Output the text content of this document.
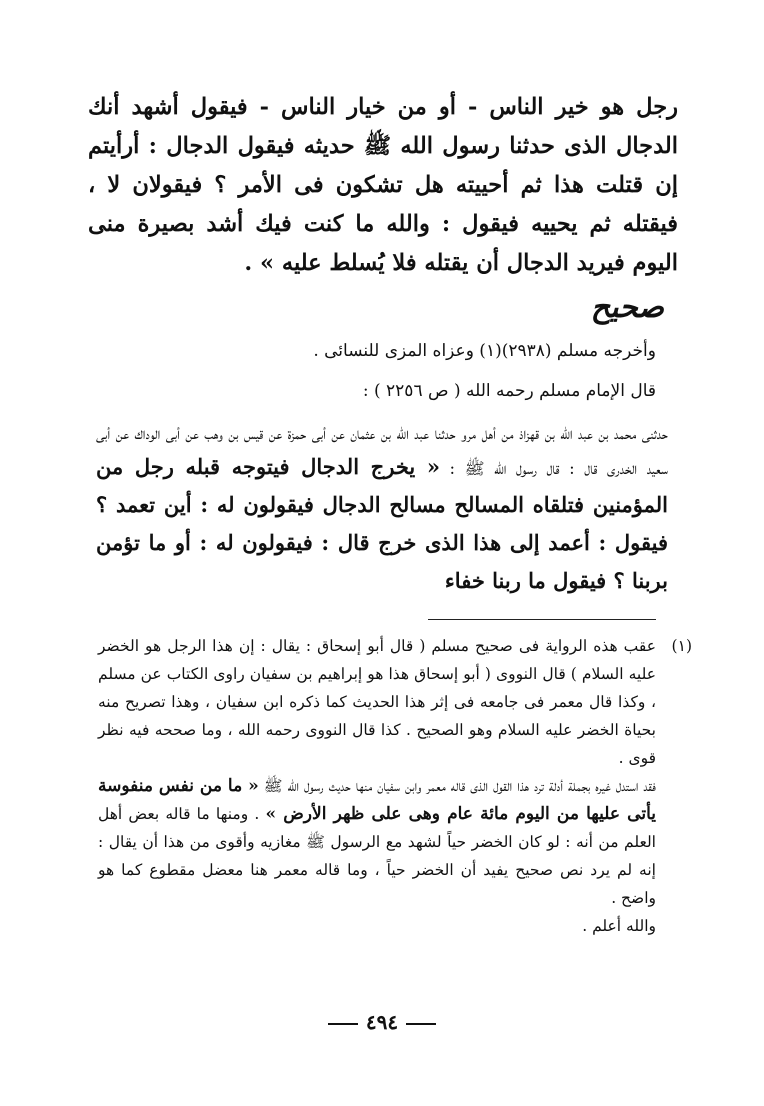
رجل هو خير الناس - أو من خيار الناس - فيقول أشهد أنك الدجال الذى حدثنا رسول الله ﷺ حديثه فيقول الدجال : أرأيتم إن قتلت هذا ثم أحييته هل تشكون فى الأمر ؟ فيقولان لا ، فيقتله ثم يحييه فيقول : والله ما كنت فيك أشد بصيرة منى اليوم فيريد الدجال أن يقتله فلا يُسلط عليه » .

صحيح
وأخرجه مسلم (٢٩٣٨)(١) وعزاه المزى للنسائى .
قال الإمام مسلم رحمه الله ( ص ٢٢٥٦ ) :
حدثنى محمد بن عبد الله بن قهزاذ من أهل مرو حدثنا عبد الله بن عثمان عن أبى حمزة عن قيس بن وهب عن أبى الوداك عن أبى سعيد الخدرى قال : قال رسول الله ﷺ : « يخرج الدجال فيتوجه قبله رجل من المؤمنين فتلقاه المسالح مسالح الدجال فيقولون له : أين تعمد ؟ فيقول : أعمد إلى هذا الذى خرج قال : فيقولون له : أو ما تؤمن بربنا ؟ فيقول ما ربنا خفاء
(١)

عقب هذه الرواية فى صحيح مسلم ( قال أبو إسحاق : يقال : إن هذا الرجل هو الخضر عليه السلام ) قال النووى ( أبو إسحاق هذا هو إبراهيم بن سفيان راوى الكتاب عن مسلم ، وكذا قال معمر فى جامعه فى إثر هذا الحديث كما ذكره ابن سفيان ، وهذا تصريح منه بحياة الخضر عليه السلام وهو الصحيح . كذا قال النووى رحمه الله ، وما صححه فيه نظر قوى .

فقد استدل غيره بجملة أدلة ترد هذا القول الذى قاله معمر وابن سفيان منها حديث رسول الله ﷺ « ما من نفس منفوسة يأتى عليها من اليوم مائة عام وهى على ظهر الأرض » . ومنها ما قاله بعض أهل العلم من أنه : لو كان الخضر حياً لشهد مع الرسول ﷺ مغازيه وأقوى من هذا أن يقال : إنه لم يرد نص صحيح يفيد أن الخضر حياً ، وما قاله معمر هنا معضل مقطوع كما هو واضح .

والله أعلم .

٤٩٤
